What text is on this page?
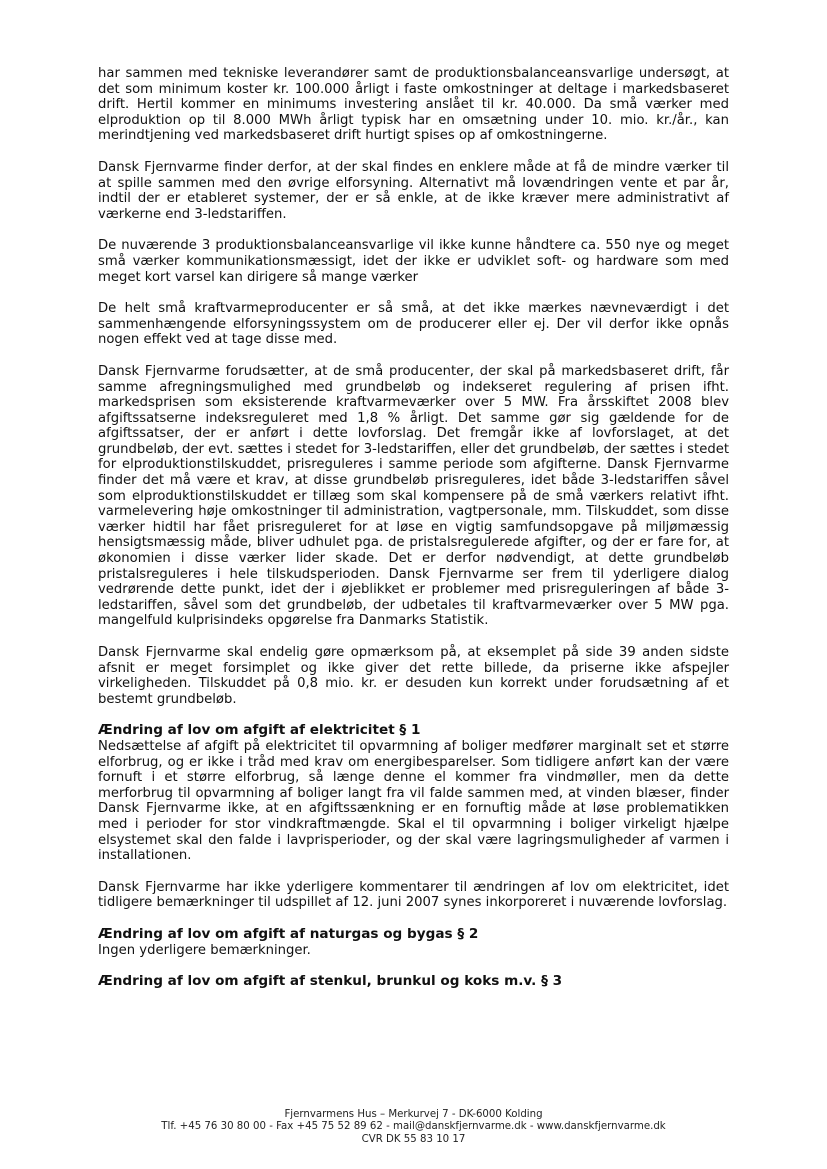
har sammen med tekniske leverandører samt de produktionsbalanceansvarlige undersøgt, at det som minimum koster kr. 100.000 årligt i faste omkostninger at deltage i markedsbaseret drift. Hertil kommer en minimums investering anslået til kr. 40.000. Da små værker med elproduktion op til 8.000 MWh årligt typisk har en omsætning under 10. mio. kr./år., kan merindtjening ved markedsbaseret drift hurtigt spises op af omkostningerne.

Dansk Fjernvarme finder derfor, at der skal findes en enklere måde at få de mindre værker til at spille sammen med den øvrige elforsyning. Alternativt må lovændringen vente et par år, indtil der er etableret systemer, der er så enkle, at de ikke kræver mere administrativt af værkerne end 3-ledstariffen.

De nuværende 3 produktionsbalanceansvarlige vil ikke kunne håndtere ca. 550 nye og meget små værker kommunikationsmæssigt, idet der ikke er udviklet soft- og hardware som med meget kort varsel kan dirigere så mange værker

De helt små kraftvarmeproducenter er så små, at det ikke mærkes nævneværdigt i det sammenhængende elforsyningssystem om de producerer eller ej. Der vil derfor ikke opnås nogen effekt ved at tage disse med.

Dansk Fjernvarme forudsætter, at de små producenter, der skal på markedsbaseret drift, får samme afregningsmulighed med grundbeløb og indekseret regulering af prisen ifht. markedsprisen som eksisterende kraftvarmeværker over 5 MW. Fra årsskiftet 2008 blev afgiftssatserne indeksreguleret med 1,8 % årligt. Det samme gør sig gældende for de afgiftssatser, der er anført i dette lovforslag. Det fremgår ikke af lovforslaget, at det grundbeløb, der evt. sættes i stedet for 3-ledstariffen, eller det grundbeløb, der sættes i stedet for elproduktionstilskuddet, prisreguleres i samme periode som afgifterne. Dansk Fjernvarme finder det må være et krav, at disse grundbeløb prisreguleres, idet både 3-ledstariffen såvel som elproduktionstilskuddet er tillæg som skal kompensere på de små værkers relativt ifht. varmelevering høje omkostninger til administration, vagtpersonale, mm. Tilskuddet, som disse værker hidtil har fået prisreguleret for at løse en vigtig samfundsopgave på miljømæssig hensigtsmæssig måde, bliver udhulet pga. de pristalsregulerede afgifter, og der er fare for, at økonomien i disse værker lider skade. Det er derfor nødvendigt, at dette grundbeløb pristalsreguleres i hele tilskudsperioden. Dansk Fjernvarme ser frem til yderligere dialog vedrørende dette punkt, idet der i øjeblikket er problemer med prisreguleringen af både 3-ledstariffen, såvel som det grundbeløb, der udbetales til kraftvarmeværker over 5 MW pga. mangelfuld kulprisindeks opgørelse fra Danmarks Statistik.

Dansk Fjernvarme skal endelig gøre opmærksom på, at eksemplet på side 39 anden sidste afsnit er meget forsimplet og ikke giver det rette billede, da priserne ikke afspejler virkeligheden. Tilskuddet på 0,8 mio. kr. er desuden kun korrekt under forudsætning af et bestemt grundbeløb.

Ændring af lov om afgift af elektricitet § 1

Nedsættelse af afgift på elektricitet til opvarmning af boliger medfører marginalt set et større elforbrug, og er ikke i tråd med krav om energibesparelser. Som tidligere anført kan der være fornuft i et større elforbrug, så længe denne el kommer fra vindmøller, men da dette merforbrug til opvarmning af boliger langt fra vil falde sammen med, at vinden blæser, finder Dansk Fjernvarme ikke, at en afgiftssænkning er en fornuftig måde at løse problematikken med i perioder for stor vindkraftmængde. Skal el til opvarmning i boliger virkeligt hjælpe elsystemet skal den falde i lavprisperioder, og der skal være lagringsmuligheder af varmen i installationen.

Dansk Fjernvarme har ikke yderligere kommentarer til ændringen af lov om elektricitet, idet tidligere bemærkninger til udspillet af 12. juni 2007 synes inkorporeret i nuværende lovforslag.

Ændring af lov om afgift af naturgas og bygas § 2

Ingen yderligere bemærkninger.

Ændring af lov om afgift af stenkul, brunkul og koks m.v. § 3

Fjernvarmens Hus – Merkurvej 7 - DK-6000 Kolding
Tlf. +45 76 30 80 00 - Fax +45 75 52 89 62 - mail@danskfjernvarme.dk - www.danskfjernvarme.dk
CVR DK 55 83 10 17
